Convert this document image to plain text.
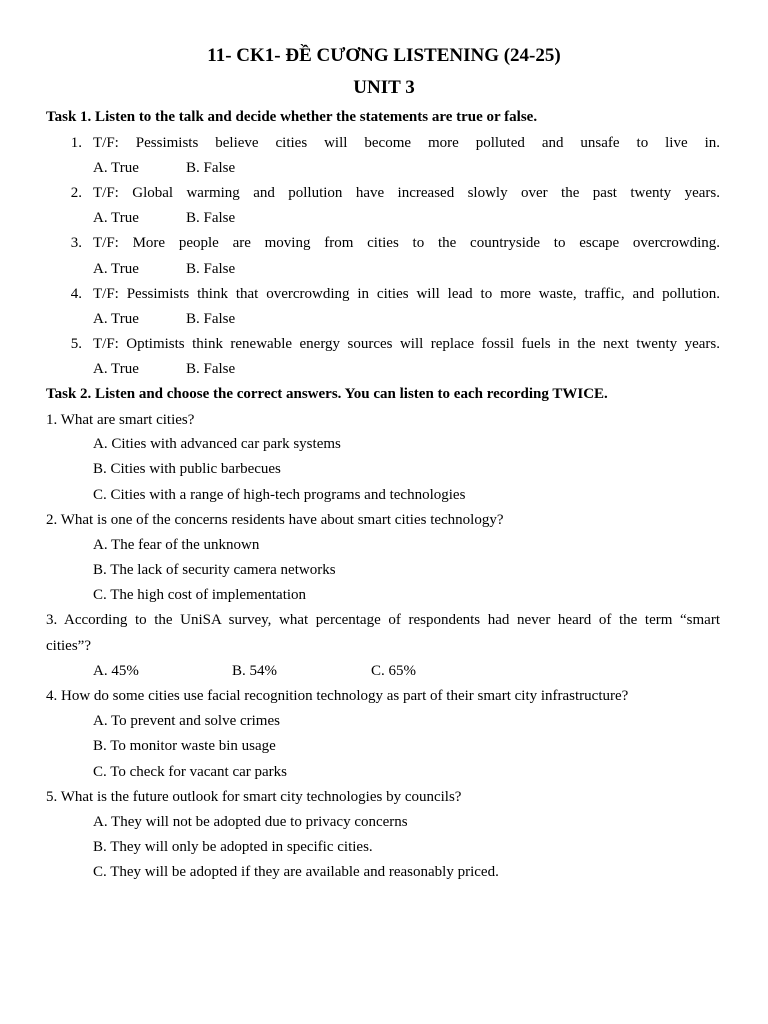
11- CK1- ĐỀ CƯƠNG LISTENING (24-25)
UNIT 3
Task 1. Listen to the talk and decide whether the statements are true or false.
1. T/F: Pessimists believe cities will become more polluted and unsafe to live in.
A. True	B. False
2. T/F: Global warming and pollution have increased slowly over the past twenty years.
A. True	B. False
3. T/F: More people are moving from cities to the countryside to escape overcrowding.
A. True	B. False
4. T/F: Pessimists think that overcrowding in cities will lead to more waste, traffic, and pollution.
A. True	B. False
5. T/F: Optimists think renewable energy sources will replace fossil fuels in the next twenty years.
A. True	B. False
Task 2. Listen and choose the correct answers. You can listen to each recording TWICE.
1. What are smart cities?
A. Cities with advanced car park systems
B. Cities with public barbecues
C. Cities with a range of high-tech programs and technologies
2. What is one of the concerns residents have about smart cities technology?
A. The fear of the unknown
B. The lack of security camera networks
C. The high cost of implementation
3. According to the UniSA survey, what percentage of respondents had never heard of the term “smart
cities”?
A. 45%	B. 54%	C. 65%
4. How do some cities use facial recognition technology as part of their smart city infrastructure?
A. To prevent and solve crimes
B. To monitor waste bin usage
C. To check for vacant car parks
5. What is the future outlook for smart city technologies by councils?
A. They will not be adopted due to privacy concerns
B. They will only be adopted in specific cities.
C. They will be adopted if they are available and reasonably priced.
